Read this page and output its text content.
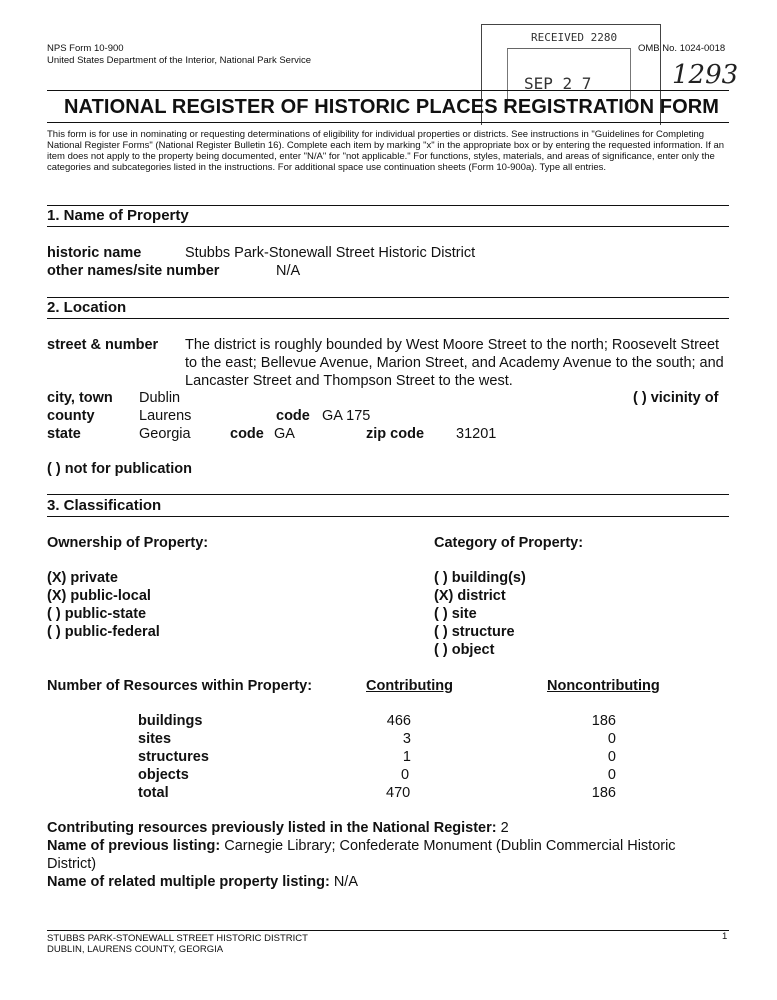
NPS Form 10-900
United States Department of the Interior, National Park Service
OMB No. 1024-0018
RECEIVED 2280
SEP 2 7	1293
NATIONAL REGISTER OF HISTORIC PLACES REGISTRATION FORM
This form is for use in nominating or requesting determinations of eligibility for individual properties or districts. See instructions in "Guidelines for Completing National Register Forms" (National Register Bulletin 16). Complete each item by marking "x" in the appropriate box or by entering the requested information. If an item does not apply to the property being documented, enter "N/A" for "not applicable." For functions, styles, materials, and areas of significance, enter only the categories and subcategories listed in the instructions. For additional space use continuation sheets (Form 10-900a). Type all entries.
1. Name of Property
historic name	Stubbs Park-Stonewall Street Historic District
other names/site number	N/A
2. Location
street & number The district is roughly bounded by West Moore Street to the north; Roosevelt Street to the east; Bellevue Avenue, Marion Street, and Academy Avenue to the south; and Lancaster Street and Thompson Street to the west.
city, town Dublin	( ) vicinity of
county	Laurens	code GA 175
state	Georgia	code GA	zip code 31201
( ) not for publication
3. Classification
Ownership of Property:	Category of Property:
(X) private
(X) public-local
( ) public-state
( ) public-federal
( ) building(s)
(X) district
( ) site
( ) structure
( ) object
Number of Resources within Property:	Contributing	Noncontributing
buildings	466	186
sites	3	0
structures	1	0
objects	0	0
total	470	186
Contributing resources previously listed in the National Register: 2
Name of previous listing: Carnegie Library; Confederate Monument (Dublin Commercial Historic
District)
Name of related multiple property listing: N/A
STUBBS PARK-STONEWALL STREET HISTORIC DISTRICT
DUBLIN, LAURENS COUNTY, GEORGIA
1
